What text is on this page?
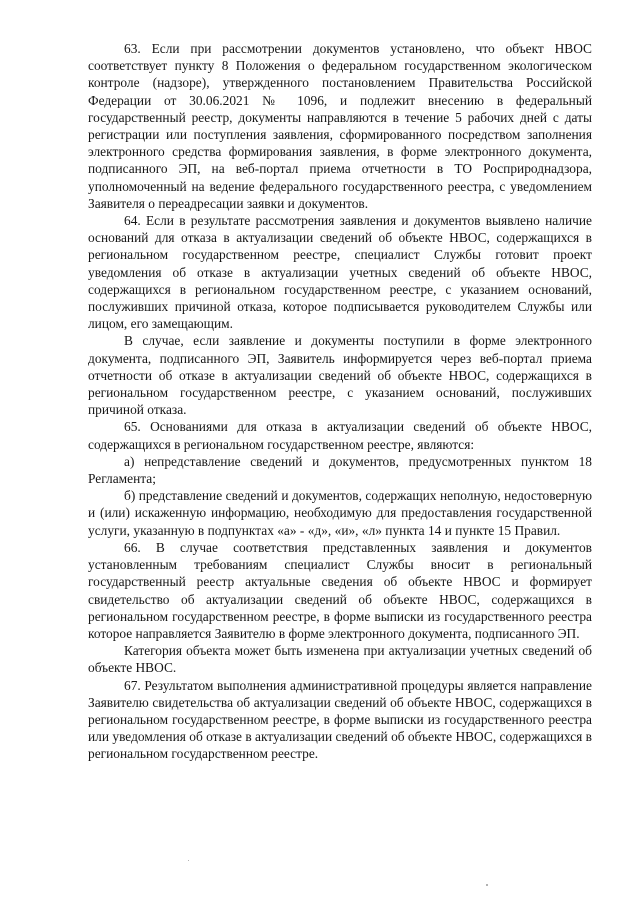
63. Если при рассмотрении документов установлено, что объект НВОС соответствует пункту 8 Положения о федеральном государственном экологическом контроле (надзоре), утвержденного постановлением Правительства Российской Федерации от 30.06.2021 № 1096, и подлежит внесению в федеральный государственный реестр, документы направляются в течение 5 рабочих дней с даты регистрации или поступления заявления, сформированного посредством заполнения электронного средства формирования заявления, в форме электронного документа, подписанного ЭП, на веб-портал приема отчетности в ТО Росприроднадзора, уполномоченный на ведение федерального государственного реестра, с уведомлением Заявителя о переадресации заявки и документов.

64. Если в результате рассмотрения заявления и документов выявлено наличие оснований для отказа в актуализации сведений об объекте НВОС, содержащихся в региональном государственном реестре, специалист Службы готовит проект уведомления об отказе в актуализации учетных сведений об объекте НВОС, содержащихся в региональном государственном реестре, с указанием оснований, послуживших причиной отказа, которое подписывается руководителем Службы или лицом, его замещающим.

В случае, если заявление и документы поступили в форме электронного документа, подписанного ЭП, Заявитель информируется через веб-портал приема отчетности об отказе в актуализации сведений об объекте НВОС, содержащихся в региональном государственном реестре, с указанием оснований, послуживших причиной отказа.

65. Основаниями для отказа в актуализации сведений об объекте НВОС, содержащихся в региональном государственном реестре, являются:

а) непредставление сведений и документов, предусмотренных пунктом 18 Регламента;

б) представление сведений и документов, содержащих неполную, недостоверную и (или) искаженную информацию, необходимую для предоставления государственной услуги, указанную в подпунктах «а» - «д», «и», «л» пункта 14 и пункте 15 Правил.

66. В случае соответствия представленных заявления и документов установленным требованиям специалист Службы вносит в региональный государственный реестр актуальные сведения об объекте НВОС и формирует свидетельство об актуализации сведений об объекте НВОС, содержащихся в региональном государственном реестре, в форме выписки из государственного реестра которое направляется Заявителю в форме электронного документа, подписанного ЭП.

Категория объекта может быть изменена при актуализации учетных сведений об объекте НВОС.

67. Результатом выполнения административной процедуры является направление Заявителю свидетельства об актуализации сведений об объекте НВОС, содержащихся в региональном государственном реестре, в форме выписки из государственного реестра или уведомления об отказе в актуализации сведений об объекте НВОС, содержащихся в региональном государственном реестре.
